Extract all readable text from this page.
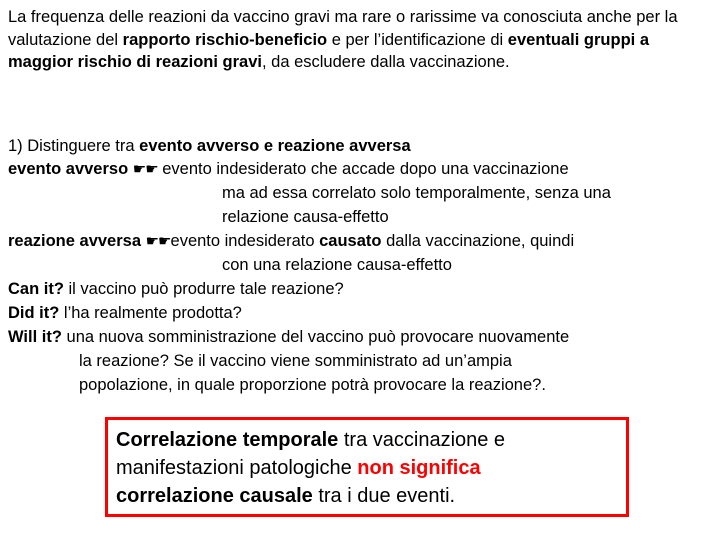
La frequenza delle reazioni da vaccino gravi ma rare o rarissime va conosciuta anche per la valutazione del rapporto rischio-beneficio e per l’identificazione di eventuali gruppi a maggior rischio di reazioni gravi, da escludere dalla vaccinazione.

1) Distinguere tra evento avverso e reazione avversa
evento avverso ☛☛ evento indesiderato che accade dopo una vaccinazione
ma ad essa correlato solo temporalmente, senza una
relazione causa-effetto
reazione avversa ☛☛evento indesiderato causato dalla vaccinazione, quindi
con una relazione causa-effetto
Can it? il vaccino può produrre tale reazione?
Did it? l’ha realmente prodotta?
Will it? una nuova somministrazione del vaccino può provocare nuovamente
la reazione? Se il vaccino viene somministrato ad un’ampia
popolazione, in quale proporzione potrà provocare la reazione?.
Correlazione temporale tra vaccinazione e manifestazioni patologiche non significa
correlazione causale tra i due eventi.
